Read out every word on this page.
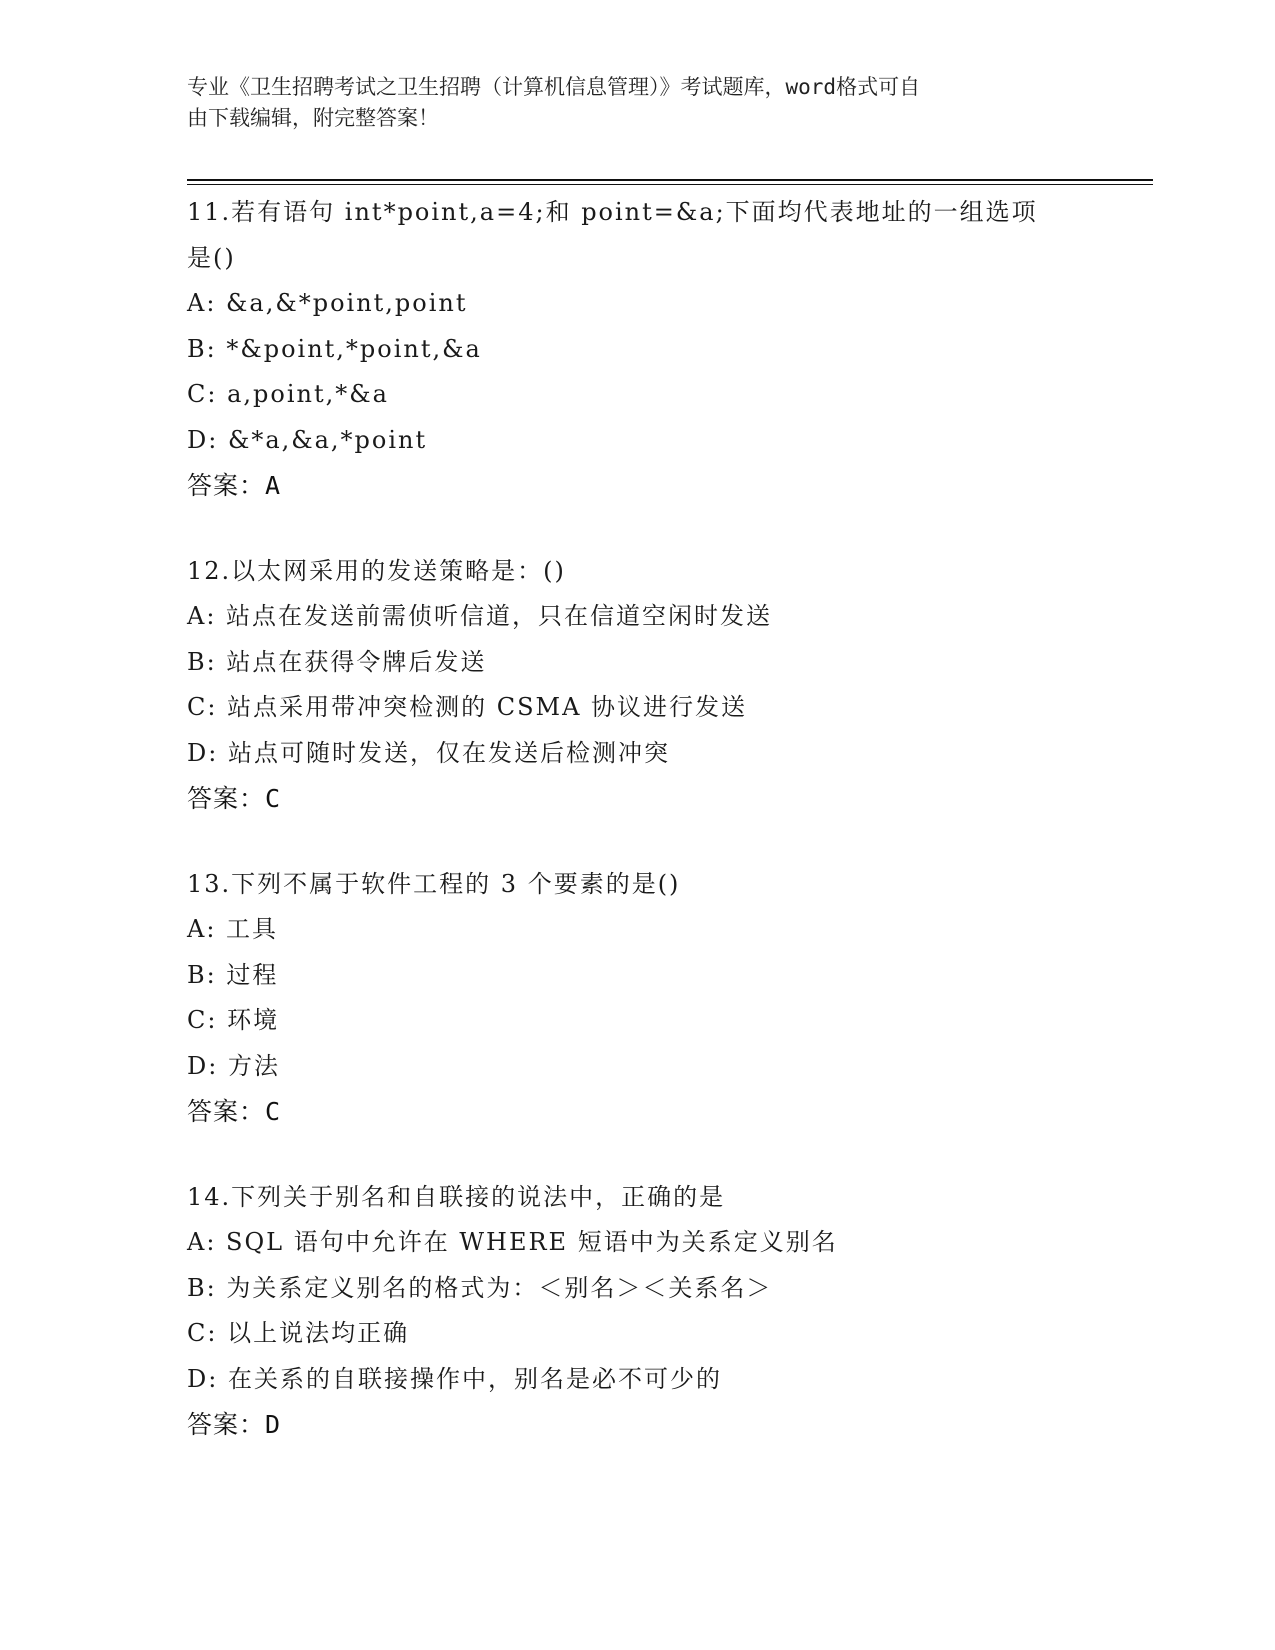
专业《卫生招聘考试之卫生招聘（计算机信息管理）》考试题库，word格式可自
由下载编辑，附完整答案！
11.若有语句 int*point,a=4;和 point=&a;下面均代表地址的一组选项
是()
A: &a,&*point,point
B: *&point,*point,&a
C: a,point,*&a
D: &*a,&a,*point
答案：A
12.以太网采用的发送策略是：()
A: 站点在发送前需侦听信道，只在信道空闲时发送
B: 站点在获得令牌后发送
C: 站点采用带冲突检测的 CSMA 协议进行发送
D: 站点可随时发送，仅在发送后检测冲突
答案：C
13.下列不属于软件工程的 3 个要素的是()
A: 工具
B: 过程
C: 环境
D: 方法
答案：C
14.下列关于别名和自联接的说法中，正确的是
A: SQL 语句中允许在 WHERE 短语中为关系定义别名
B: 为关系定义别名的格式为：＜别名＞＜关系名＞
C: 以上说法均正确
D: 在关系的自联接操作中，别名是必不可少的
答案：D
